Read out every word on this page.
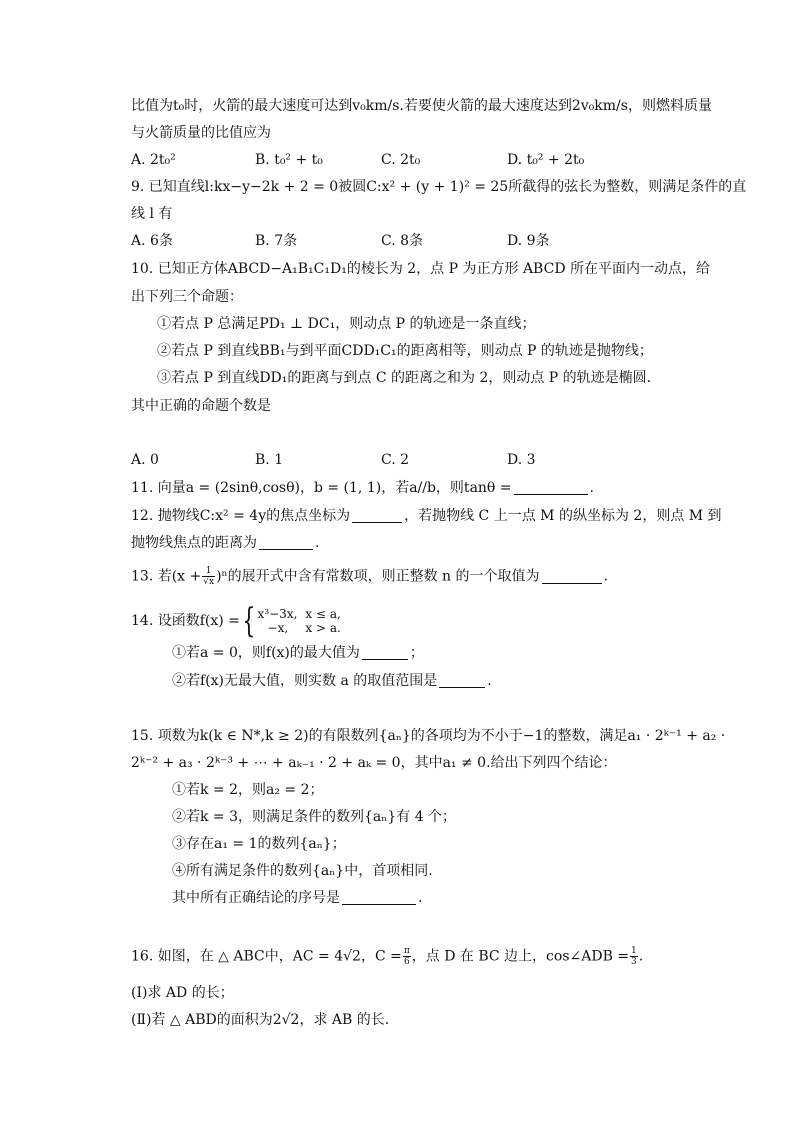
比值为t₀时，火箭的最大速度可达到v₀km/s.若要使火箭的最大速度达到2v₀km/s，则燃料质量
与火箭质量的比值应为
A. 2t₀²	B. t₀² + t₀	C. 2t₀	D. t₀² + 2t₀
9. 已知直线l:kx−y−2k + 2 = 0被圆C:x² + (y + 1)² = 25所截得的弦长为整数，则满足条件的直
线 l 有
A. 6条	B. 7条	C. 8条	D. 9条
10. 已知正方体ABCD−A₁B₁C₁D₁的棱长为 2，点 P 为正方形 ABCD 所在平面内一动点，给
出下列三个命题：
①若点 P 总满足PD₁ ⊥ DC₁，则动点 P 的轨迹是一条直线；
②若点 P 到直线BB₁与到平面CDD₁C₁的距离相等，则动点 P 的轨迹是抛物线；
③若点 P 到直线DD₁的距离与到点 C 的距离之和为 2，则动点 P 的轨迹是椭圆.
其中正确的命题个数是
A. 0	B. 1	C. 2	D. 3
11. 向量a = (2sinθ,cosθ)，b = (1, 1)，若a//b，则tanθ =	.
12. 抛物线C:x² = 4y的焦点坐标为	，若抛物线 C 上一点 M 的纵坐标为 2，则点 M 到
抛物线焦点的距离为	.
13. 若$(x + \frac{1}{√x} )^n$的展开式中含有常数项，则正整数 n 的一个取值为	.
14. 设函数f(x) ={ x³−3x,	x ≤ a,
−x,	x > a.
①若a = 0，则f(x)的最大值为	；
②若f(x)无最大值，则实数 a 的取值范围是	.
15. 项数为k(k ∈ N*,k ≥ 2)的有限数列{aₙ}的各项均为不小于−1的整数，满足a₁ · 2ᵏ⁻¹ + a₂ ·
2ᵏ⁻² + a₃ · 2ᵏ⁻³ + ⋯ + aₖ₋₁ · 2 + aₖ = 0，其中a₁ ≠ 0.给出下列四个结论：
①若k = 2，则a₂ = 2；
②若k = 3，则满足条件的数列{aₙ}有 4 个；
③存在a₁ = 1的数列{aₙ}；
④所有满足条件的数列{aₙ}中，首项相同.
其中所有正确结论的序号是	.
16. 如图，在 △ ABC中，AC = 4√2，$C = \frac{\pi}{6}$ ，点 D 在 BC 边上，cos∠ADB = $\frac{1}{3}$ .
(Ⅰ)求 AD 的长；
(Ⅱ)若 △ ABD的面积为2√2，求 AB 的长.
